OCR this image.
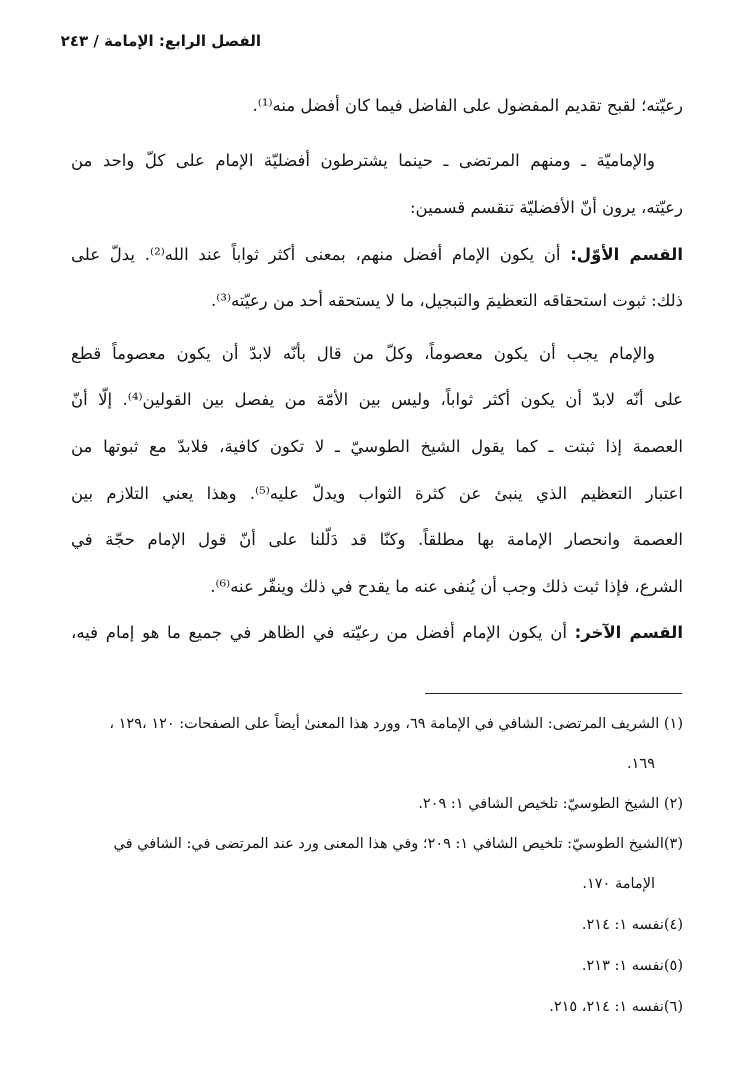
الفصل الرابع: الإمامة / ٢٤٣
رعيّته؛ لقبح تقديم المفضول على الفاضل فيما كان أفضل منه⁽¹⁾.
والإماميّة ـ ومنهم المرتضى ـ حينما يشترطون أفضليّة الإمام على كلّ واحد من
رعيّته، يرون أنّ الأفضليّة تنقسم قسمين:
القسم الأوّل: أن يكون الإمام أفضل منهم، بمعنى أكثر ثواباً عند الله⁽²⁾. يدلّ على
ذلك: ثبوت استحقاقه التعظيمَ والتبجيل، ما لا يستحقه أحد من رعيّته⁽³⁾.
والإمام يجب أن يكون معصوماً، وكلّ من قال بأنّه لابدّ أن يكون معصوماً قطع
على أنّه لابدّ أن يكون أكثر ثواباً، وليس بين الأمّة من يفصل بين القولين⁽⁴⁾. إلّا أنّ
العصمة إذا ثبتت ـ كما يقول الشيخ الطوسيّ ـ لا تكون كافية، فلابدّ مع ثبوتها من
اعتبار التعظيم الذي ينبئ عن كثرة الثواب ويدلّ عليه⁽⁵⁾. وهذا يعني التلازم بين
العصمة وانحصار الإمامة بها مطلقاً. وكنّا قد دَلّلنا على أنّ قول الإمام حجّة في
الشرع، فإذا ثبت ذلك وجب أن يُنفى عنه ما يقدح في ذلك وينفّر عنه⁽⁶⁾.
القسم الآخر: أن يكون الإمام أفضل من رعيّته في الظاهر في جميع ما هو إمام فيه،
(١) الشريف المرتضى: الشافي في الإمامة ٦٩، وورد هذا المعنىٰ أيضاً على الصفحات: ١٢٠ ،١٢٩ ،
١٦٩.
(٢) الشيخ الطوسيّ: تلخيص الشافي ١: ٢٠٩.
(٣)الشيخ الطوسيّ: تلخيص الشافي ١: ٢٠٩؛ وفي هذا المعنى ورد عند المرتضى في: الشافي في
الإمامة ١٧٠.
(٤)نفسه ١: ٢١٤.
(٥)نفسه ١: ٢١٣.
(٦)نفسه ١: ٢١٤، ٢١٥.
